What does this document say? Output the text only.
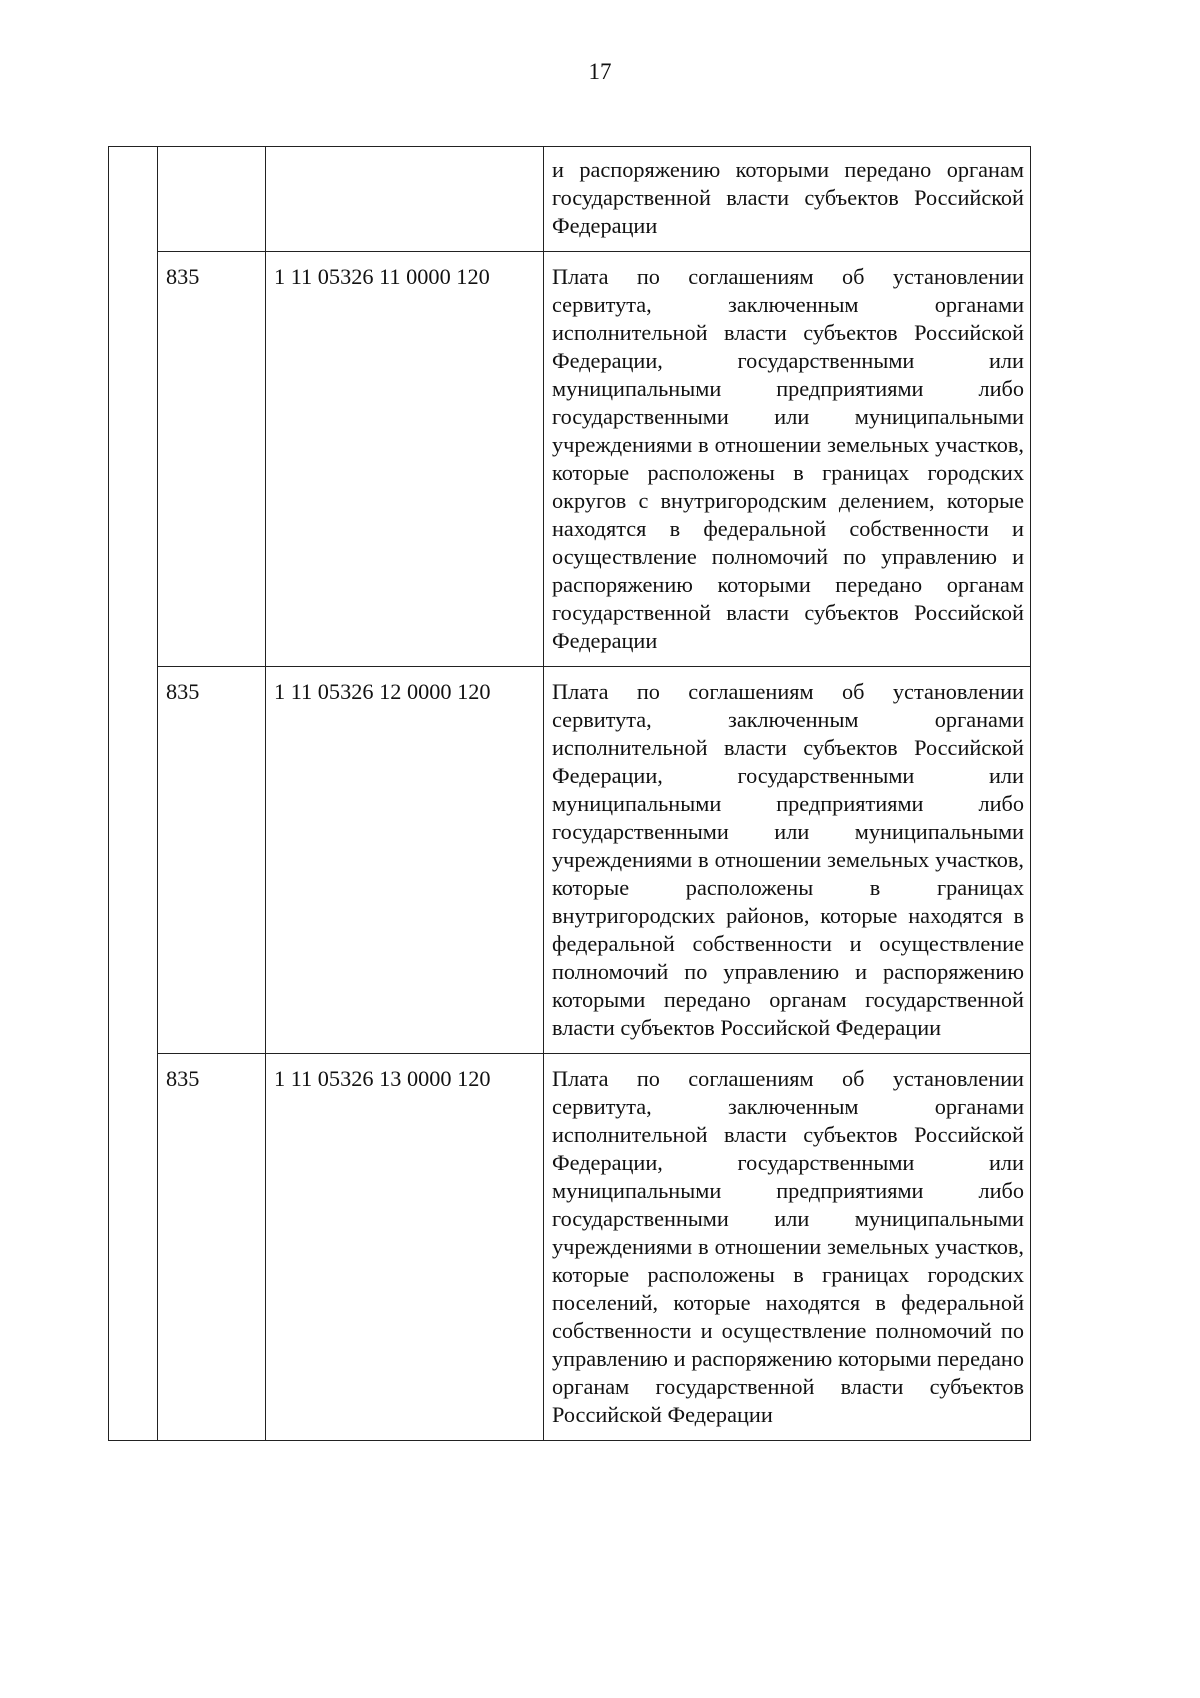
17
			и распоряжению которыми передано органам государственной власти субъектов Российской Федерации
	835	1 11 05326 11 0000 120	Плата по соглашениям об установлении сервитута, заключенным органами исполнительной власти субъектов Российской Федерации, государственными или муниципальными предприятиями либо государственными или муниципальными учреждениями в отношении земельных участков, которые расположены в границах городских округов с внутригородским делением, которые находятся в федеральной собственности и осуществление полномочий по управлению и распоряжению которыми передано органам государственной власти субъектов Российской Федерации
	835	1 11 05326 12 0000 120	Плата по соглашениям об установлении сервитута, заключенным органами исполнительной власти субъектов Российской Федерации, государственными или муниципальными предприятиями либо государственными или муниципальными учреждениями в отношении земельных участков, которые расположены в границах внутригородских районов, которые находятся в федеральной собственности и осуществление полномочий по управлению и распоряжению которыми передано органам государственной власти субъектов Российской Федерации
	835	1 11 05326 13 0000 120	Плата по соглашениям об установлении сервитута, заключенным органами исполнительной власти субъектов Российской Федерации, государственными или муниципальными предприятиями либо государственными или муниципальными учреждениями в отношении земельных участков, которые расположены в границах городских поселений, которые находятся в федеральной собственности и осуществление полномочий по управлению и распоряжению которыми передано органам государственной власти субъектов Российской Федерации
